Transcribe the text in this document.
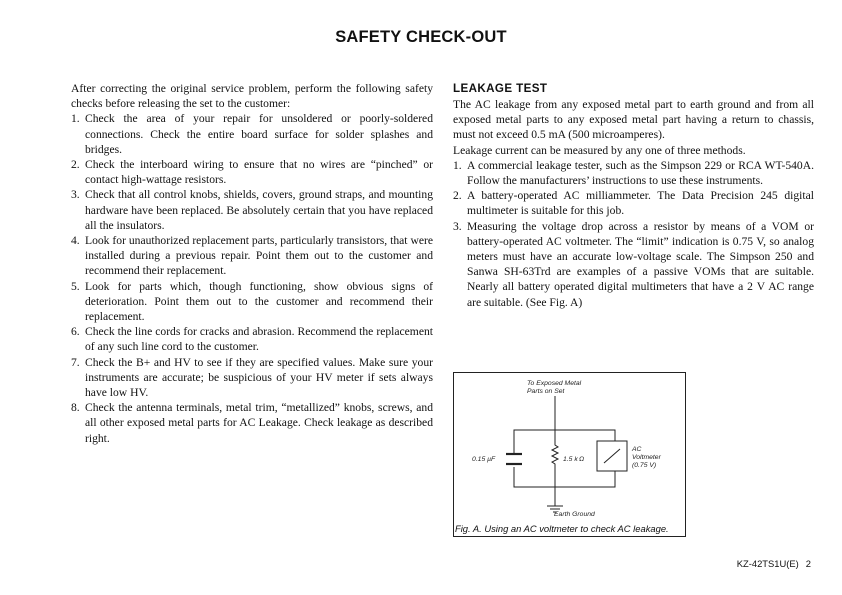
SAFETY CHECK-OUT

After correcting the original service problem, perform the following safety checks before releasing the set to the customer:

1. Check the area of your repair for unsoldered or poorly-soldered connections. Check the entire board surface for solder splashes and bridges.
2. Check the interboard wiring to ensure that no wires are “pinched” or contact high-wattage resistors.
3. Check that all control knobs, shields, covers, ground straps, and mounting hardware have been replaced. Be absolutely certain that you have replaced all the insulators.
4. Look for unauthorized replacement parts, particularly transistors, that were installed during a previous repair. Point them out to the customer and recommend their replacement.
5. Look for parts which, though functioning, show obvious signs of deterioration. Point them out to the customer and recommend their replacement.
6. Check the line cords for cracks and abrasion. Recommend the replacement of any such line cord to the customer.
7. Check the B+ and HV to see if they are specified values. Make sure your instruments are accurate; be suspicious of your HV meter if sets always have low HV.
8. Check the antenna terminals, metal trim, “metallized” knobs, screws, and all other exposed metal parts for AC Leakage. Check leakage as described right.
LEAKAGE TEST

The AC leakage from any exposed metal part to earth ground and from all exposed metal parts to any exposed metal part having a return to chassis, must not exceed 0.5 mA (500 microamperes).

Leakage current can be measured by any one of three methods.

1. A commercial leakage tester, such as the Simpson 229 or RCA WT-540A. Follow the manufacturers’ instructions to use these instruments.
2. A battery-operated AC milliammeter. The Data Precision 245 digital multimeter is suitable for this job.
3. Measuring the voltage drop across a resistor by means of a VOM or battery-operated AC voltmeter. The “limit” indication is 0.75 V, so analog meters must have an accurate low-voltage scale. The Simpson 250 and Sanwa SH-63Trd are examples of a passive VOMs that are suitable. Nearly all battery operated digital multimeters that have a 2 V AC range are suitable. (See Fig. A)
To Exposed Metal
Parts on Set
0.15 µF	1.5 k Ω
AC
Voltmeter
(0.75 V)
Earth Ground
Fig. A. Using an AC voltmeter to check AC leakage.
KZ-42TS1U(E) 2
